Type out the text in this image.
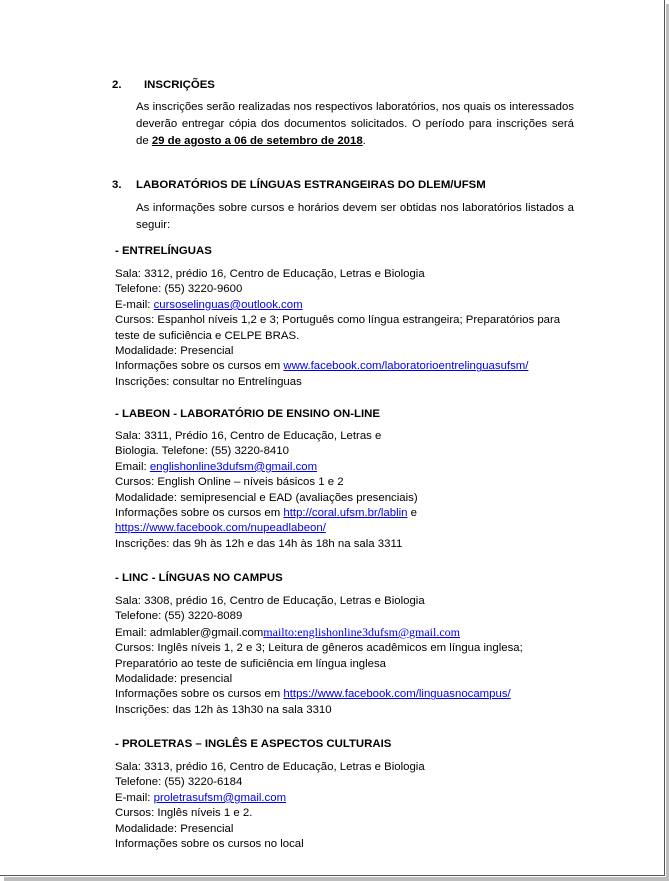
2. INSCRIÇÕES
As inscrições serão realizadas nos respectivos laboratórios, nos quais os interessados deverão entregar cópia dos documentos solicitados. O período para inscrições será de 29 de agosto a 06 de setembro de 2018.
3. LABORATÓRIOS DE LÍNGUAS ESTRANGEIRAS DO DLEM/UFSM
As informações sobre cursos e horários devem ser obtidas nos laboratórios listados a seguir:
- ENTRELÍNGUAS
Sala: 3312, prédio 16, Centro de Educação, Letras e Biologia
Telefone: (55) 3220-9600
E-mail: cursoselinguas@outlook.com
Cursos: Espanhol níveis 1,2 e 3; Português como língua estrangeira; Preparatórios para teste de suficiência e CELPE BRAS.
Modalidade: Presencial
Informações sobre os cursos em www.facebook.com/laboratorioentrelinguasufsm/
Inscrições: consultar no Entrelínguas
- LABEON - LABORATÓRIO DE ENSINO ON-LINE
Sala: 3311, Prédio 16, Centro de Educação, Letras e
Biologia. Telefone: (55) 3220-8410
Email: englishonline3dufsm@gmail.com
Cursos: English Online – níveis básicos 1 e 2
Modalidade: semipresencial e EAD (avaliações presenciais)
Informações sobre os cursos em http://coral.ufsm.br/lablin e
https://www.facebook.com/nupeadlabeon/
Inscrições: das 9h às 12h e das 14h às 18h na sala 3311
- LINC - LÍNGUAS NO CAMPUS
Sala: 3308, prédio 16, Centro de Educação, Letras e Biologia
Telefone: (55) 3220-8089
Email: admlabler@gmail.commailto:englishonline3dufsm@gmail.com
Cursos: Inglês níveis 1, 2 e 3; Leitura de gêneros acadêmicos em língua inglesa; Preparatório ao teste de suficiência em língua inglesa
Modalidade: presencial
Informações sobre os cursos em https://www.facebook.com/linguasnocampus/
Inscrições: das 12h às 13h30 na sala 3310
- PROLETRAS – INGLÊS E ASPECTOS CULTURAIS
Sala: 3313, prédio 16, Centro de Educação, Letras e Biologia
Telefone: (55) 3220-6184
E-mail: proletrasufsm@gmail.com
Cursos: Inglês níveis 1 e 2.
Modalidade: Presencial
Informações sobre os cursos no local
